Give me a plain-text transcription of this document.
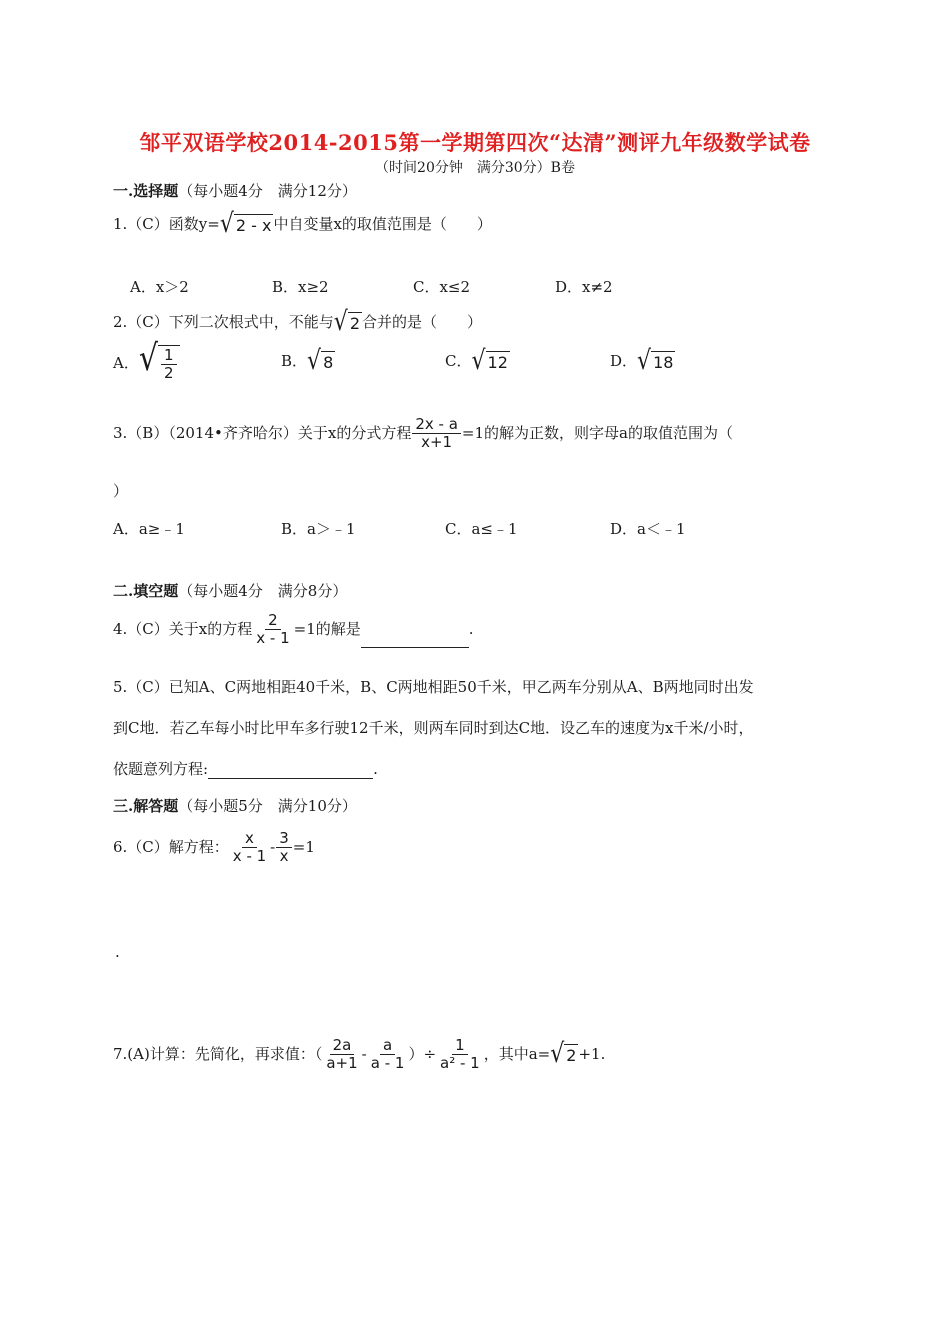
邹平双语学校2014-2015第一学期第四次“达清”测评九年级数学试卷
（时间20分钟　满分30分）B卷
一.选择题（每小题4分　满分12分）
1.（C）函数y= √ 2 - x 中自变量x的取值范围是（　　）
A．x＞2	B．x≥2	C．x≤2	D．x≠2
2.（C）下列二次根式中，不能与 √ 2 合并的是（　　）
A． √ $\frac{1}{2}$	B． √ 8	C． √ 12	D． √ 18
3.（B）（2014•齐齐哈尔）关于x的分式方程 $\frac{2x - a}{x+1} =1$的解为正数，则字母a的取值范围为（
）
A．a≥﹣1	B．a＞﹣1	C．a≤﹣1	D．a＜﹣1
二.填空题（每小题4分　满分8分）
4.（C）关于x的方程 $\frac{2}{x - 1} =1$的解是	.
5.（C）已知A、C两地相距40千米，B、C两地相距50千米，甲乙两车分别从A、B两地同时出发
到C地．若乙车每小时比甲车多行驶12千米，则两车同时到达C地．设乙车的速度为x千米/小时，
依题意列方程:	.
三.解答题（每小题5分　满分10分）
6.（C）解方程： $\frac{x}{x - 1} - \frac{3}{x} =1$
.
7.(A)计算：先简化，再求值：（ $\frac{2a}{a+1} - \frac{a}{a - 1}$ ）÷ $\frac{1}{\text{a² - 1}}$ ，其中a= √ 2 +1.
